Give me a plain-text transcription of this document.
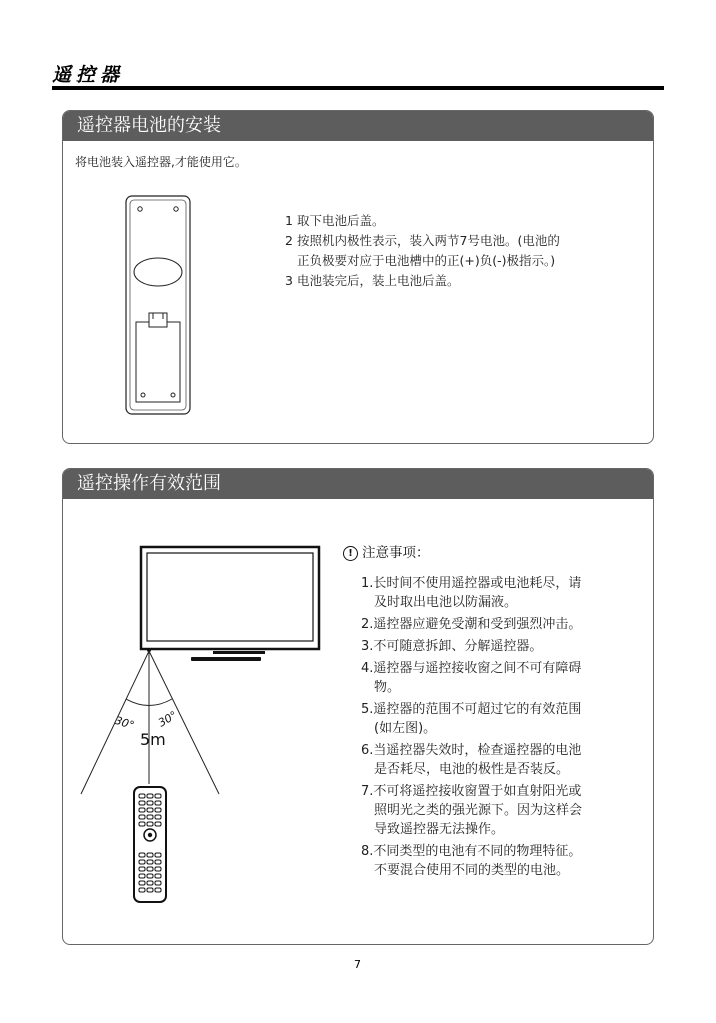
遥控器
遥控器电池的安装
将电池装入遥控器,才能使用它。
1 取下电池后盖。
2 按照机内极性表示，装入两节7号电池。(电池的
正负极要对应于电池槽中的正(+)负(-)极指示。)
3 电池装完后，装上电池后盖。
遥控操作有效范围
30° 30°
5m
! 注意事项：
1.长时间不使用遥控器或电池耗尽，请
及时取出电池以防漏液。
2.遥控器应避免受潮和受到强烈冲击。
3.不可随意拆卸、分解遥控器。
4.遥控器与遥控接收窗之间不可有障碍
物。
5.遥控器的范围不可超过它的有效范围
(如左图)。
6.当遥控器失效时，检查遥控器的电池
是否耗尽，电池的极性是否装反。
7.不可将遥控接收窗置于如直射阳光或
照明光之类的强光源下。因为这样会
导致遥控器无法操作。
8.不同类型的电池有不同的物理特征。
不要混合使用不同的类型的电池。
7
